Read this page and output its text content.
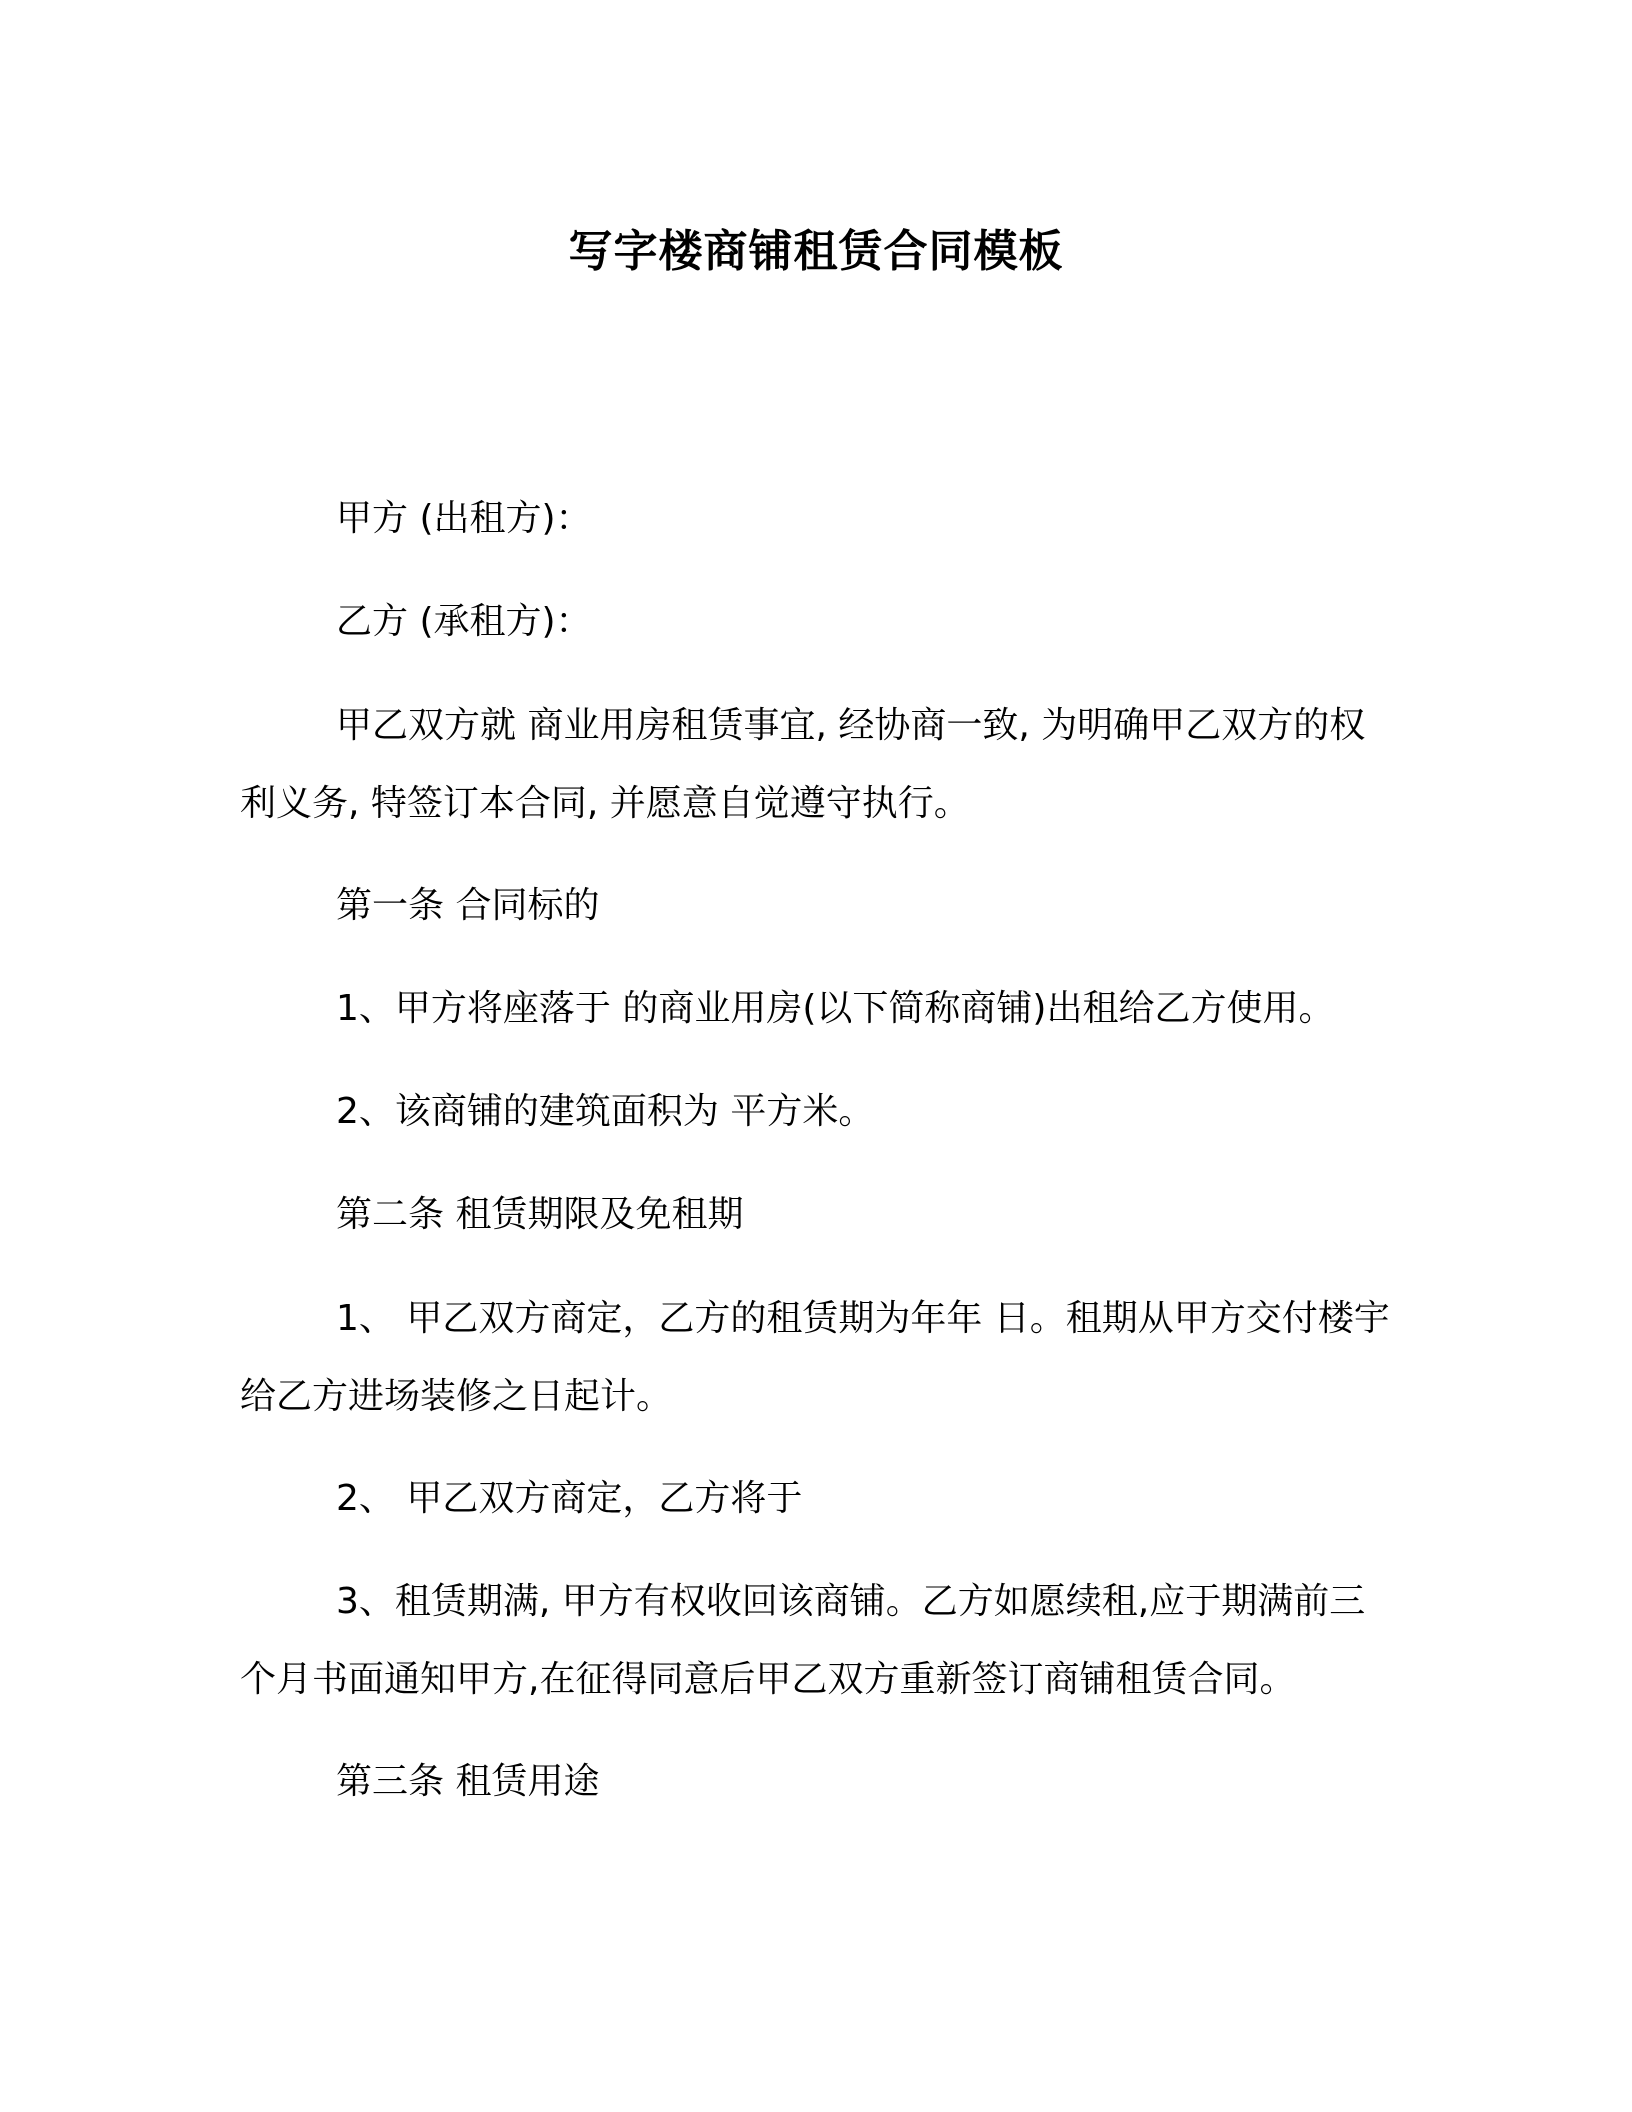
写字楼商铺租赁合同模板
甲方 (出租方)：
乙方 (承租方)：
甲乙双方就 商业用房租赁事宜, 经协商一致, 为明确甲乙双方的权利义务, 特签订本合同, 并愿意自觉遵守执行。
第一条 合同标的
1、甲方将座落于 的商业用房(以下简称商铺)出租给乙方使用。
2、该商铺的建筑面积为 平方米。
第二条 租赁期限及免租期
1、 甲乙双方商定，乙方的租赁期为年年 日。租期从甲方交付楼宇给乙方进场装修之日起计。
2、 甲乙双方商定，乙方将于
3、租赁期满, 甲方有权收回该商铺。乙方如愿续租,应于期满前三个月书面通知甲方,在征得同意后甲乙双方重新签订商铺租赁合同。
第三条 租赁用途
